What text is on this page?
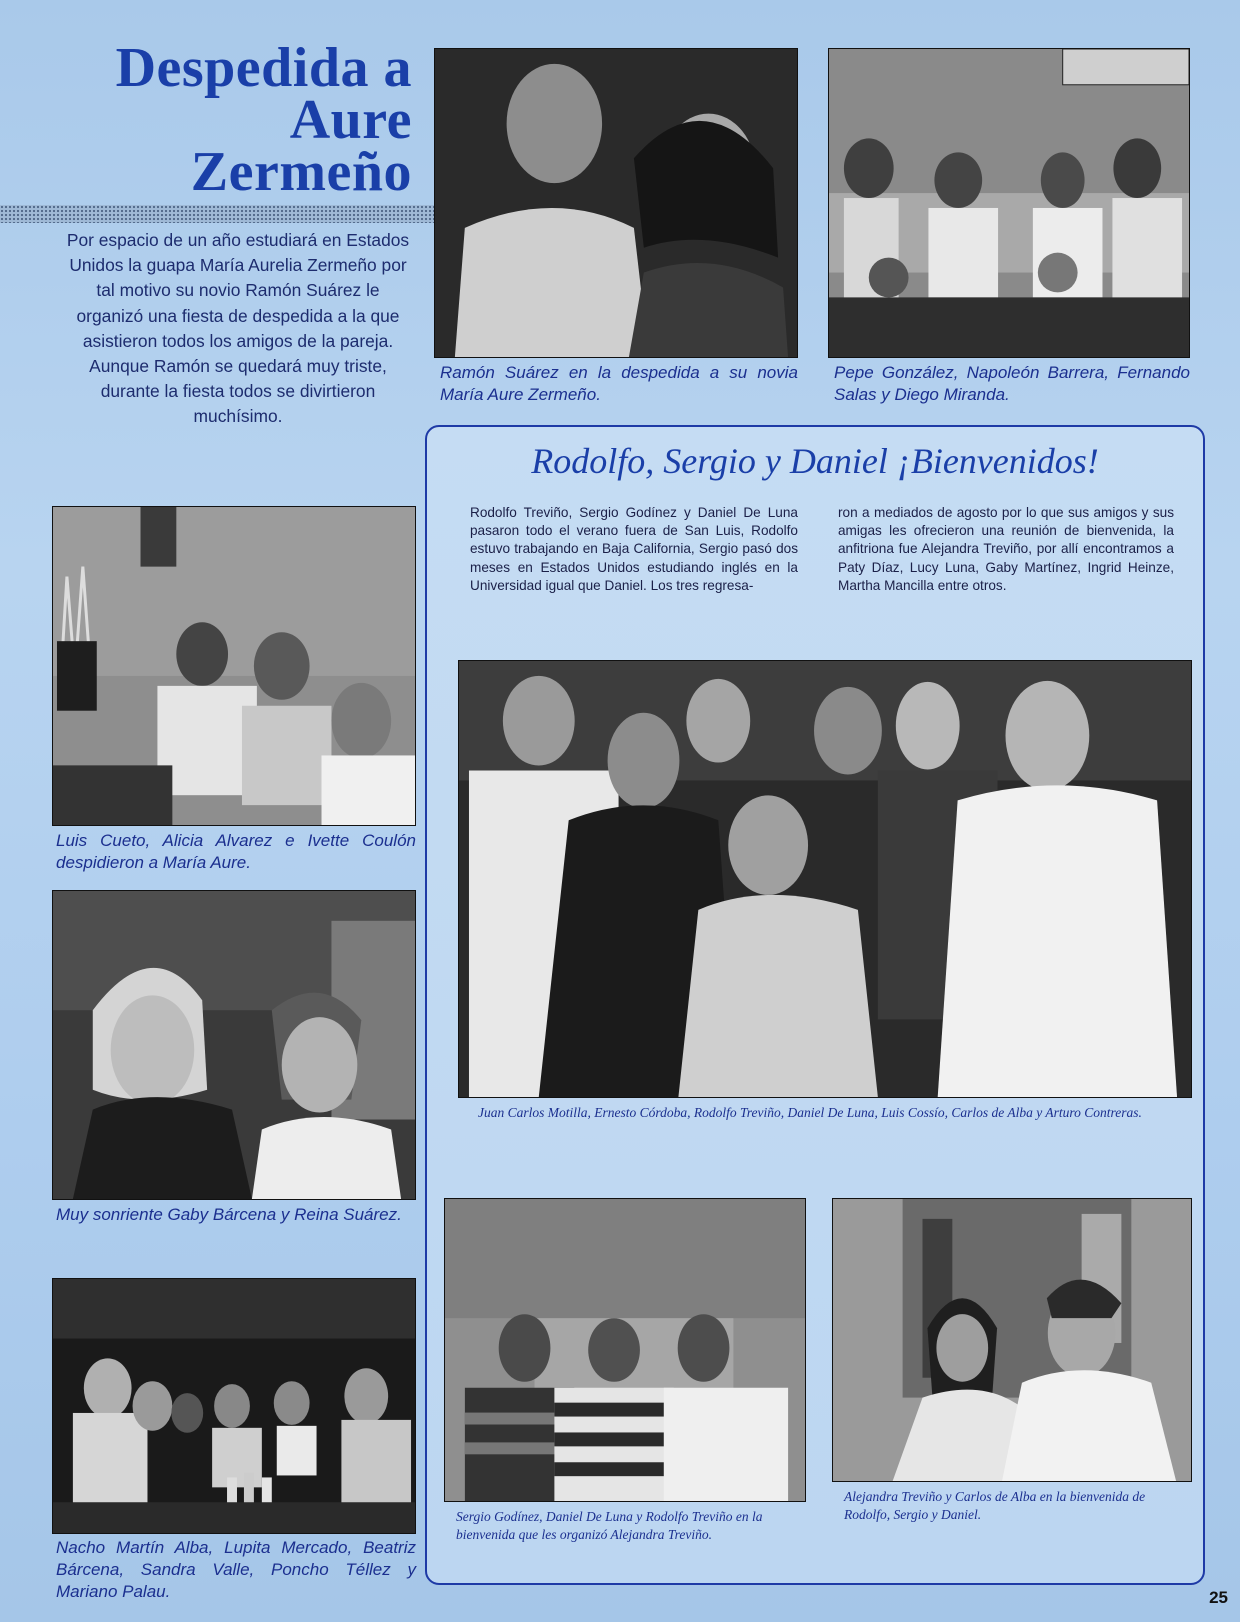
Despedida a
Aure
Zermeño
Por espacio de un año estudiará en Estados Unidos la guapa María Aurelia Zermeño por tal motivo su novio Ramón Suárez le organizó una fiesta de despedida a la que asistieron todos los amigos de la pareja. Aunque Ramón se quedará muy triste, durante la fiesta todos se divirtieron muchísimo.
Ramón Suárez en la despedida a su novia María Aure Zermeño.
Pepe González, Napoleón Barrera, Fernando Salas y Diego Miranda.
Luis Cueto, Alicia Alvarez e Ivette Coulón despidieron a María Aure.
Muy sonriente Gaby Bárcena y Reina Suárez.
Nacho Martín Alba, Lupita Mercado, Beatriz Bárcena, Sandra Valle, Poncho Téllez y Mariano Palau.
Rodolfo, Sergio y Daniel ¡Bienvenidos!
Rodolfo Treviño, Sergio Godínez y Daniel De Luna pasaron todo el verano fuera de San Luis, Rodolfo estuvo trabajando en Baja California, Sergio pasó dos meses en Estados Unidos estudiando inglés en la Universidad igual que Daniel. Los tres regresa-
ron a mediados de agosto por lo que sus amigos y sus amigas les ofrecieron una reunión de bienvenida, la anfitriona fue Alejandra Treviño, por allí encontramos a Paty Díaz, Lucy Luna, Gaby Martínez, Ingrid Heinze, Martha Mancilla entre otros.
Juan Carlos Motilla, Ernesto Córdoba, Rodolfo Treviño, Daniel De Luna, Luis Cossío, Carlos de Alba y Arturo Contreras.
Sergio Godínez, Daniel De Luna y Rodolfo Treviño en la bienvenida que les organizó Alejandra Treviño.
Alejandra Treviño y Carlos de Alba en la bienvenida de Rodolfo, Sergio y Daniel.
25
